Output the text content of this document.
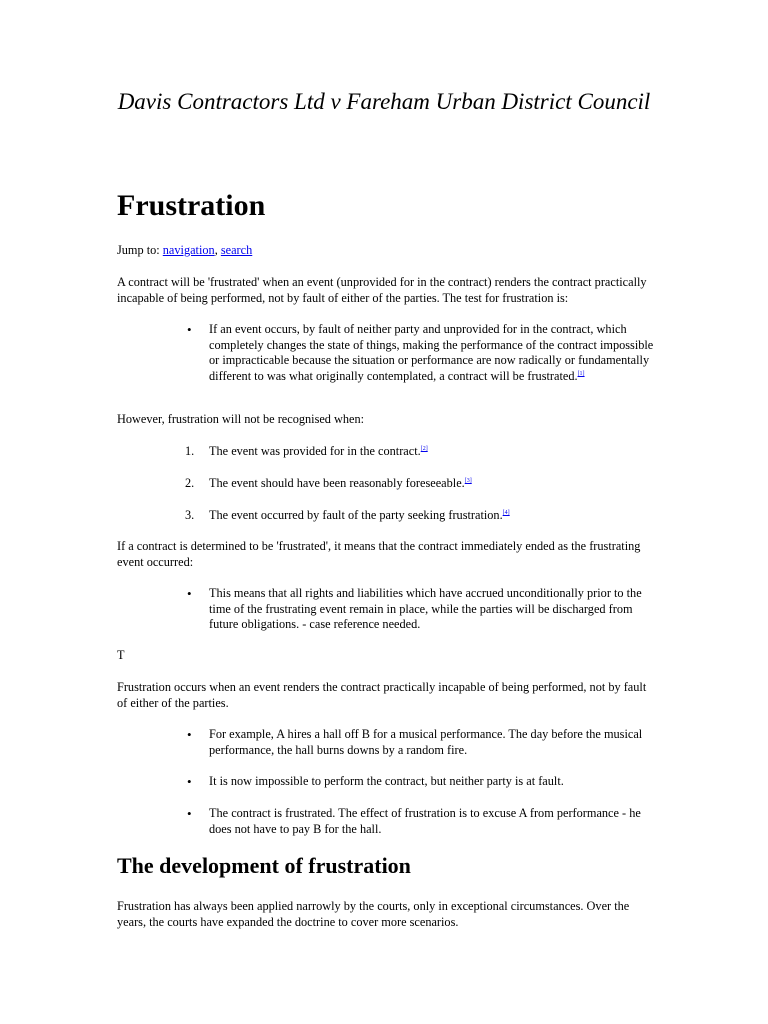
Davis Contractors Ltd v Fareham Urban District Council
Frustration

Jump to: navigation, search

A contract will be 'frustrated' when an event (unprovided for in the contract) renders the contract practically incapable of being performed, not by fault of either of the parties. The test for frustration is:

• If an event occurs, by fault of neither party and unprovided for in the contract, which completely changes the state of things, making the performance of the contract impossible or impracticable because the situation or performance are now radically or fundamentally different to was what originally contemplated, a contract will be frustrated.[1]

However, frustration will not be recognised when:

1. The event was provided for in the contract.[2]
2. The event should have been reasonably foreseeable.[3]
3. The event occurred by fault of the party seeking frustration.[4]

If a contract is determined to be 'frustrated', it means that the contract immediately ended as the frustrating event occurred:

• This means that all rights and liabilities which have accrued unconditionally prior to the time of the frustrating event remain in place, while the parties will be discharged from future obligations. - case reference needed.

T

Frustration occurs when an event renders the contract practically incapable of being performed, not by fault of either of the parties.

• For example, A hires a hall off B for a musical performance. The day before the musical performance, the hall burns downs by a random fire.
• It is now impossible to perform the contract, but neither party is at fault.
• The contract is frustrated. The effect of frustration is to excuse A from performance - he does not have to pay B for the hall.
The development of frustration

Frustration has always been applied narrowly by the courts, only in exceptional circumstances. Over the years, the courts have expanded the doctrine to cover more scenarios.
